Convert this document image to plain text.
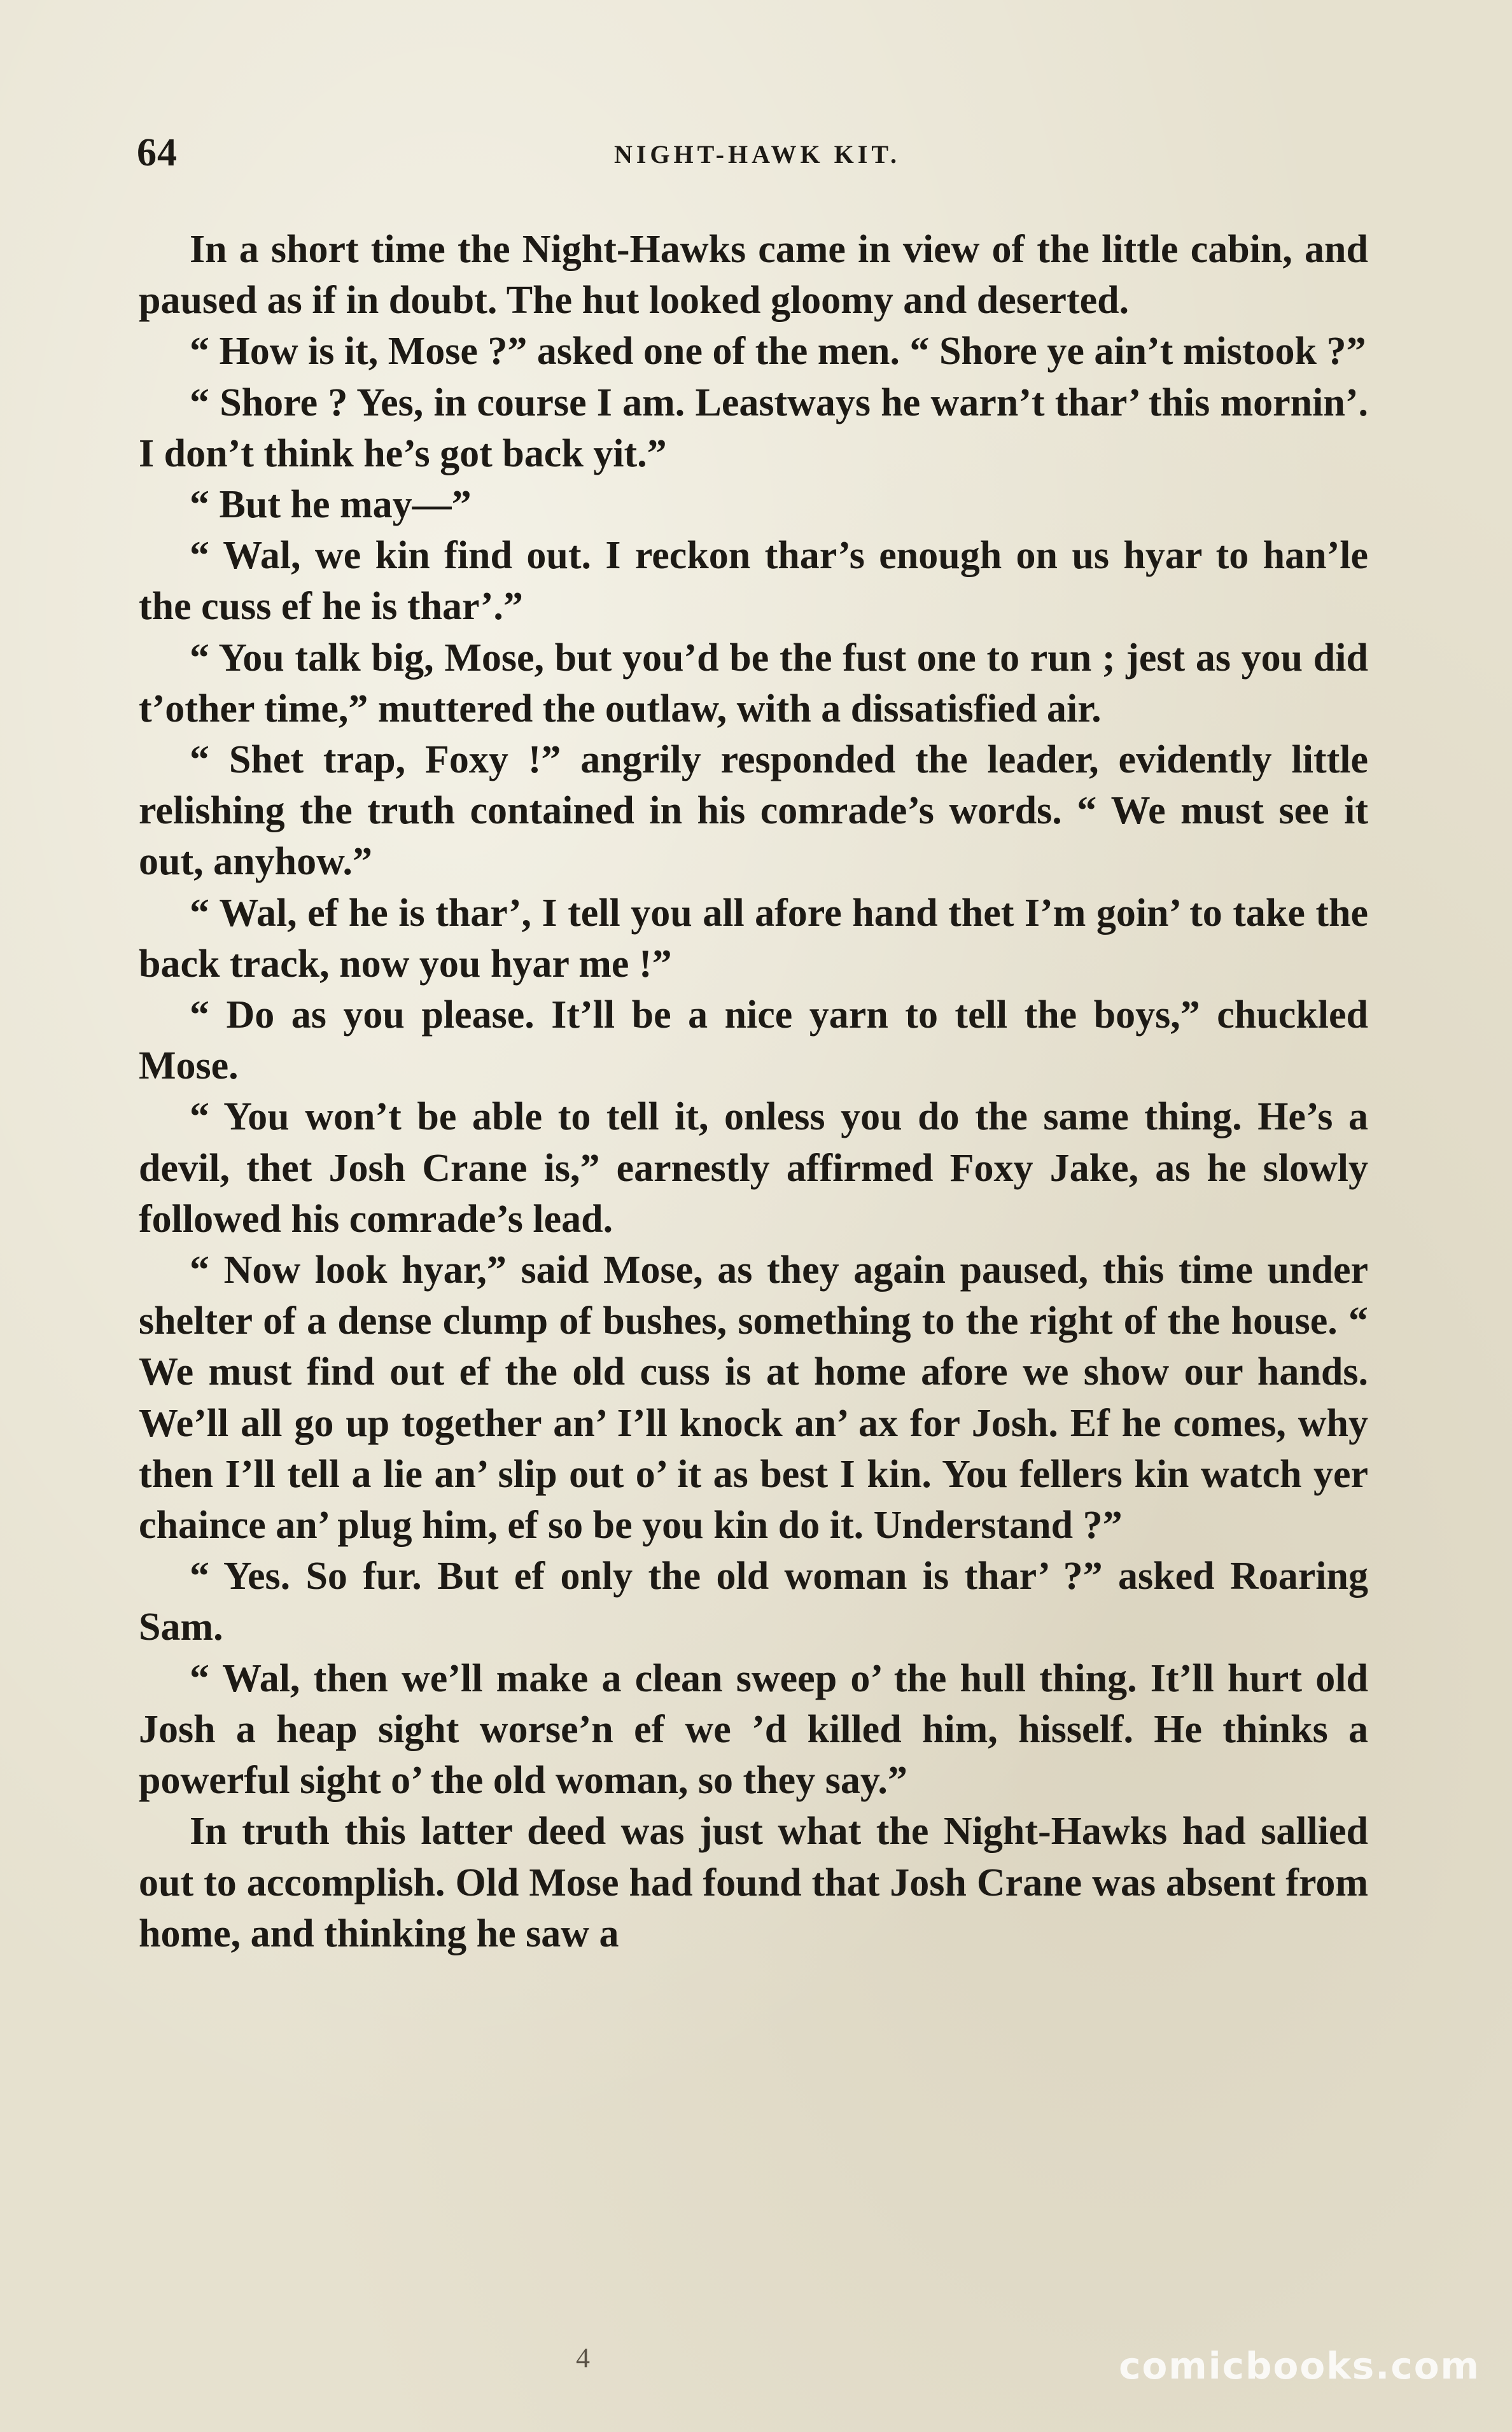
64	NIGHT-HAWK KIT.

In a short time the Night-Hawks came in view of the little cabin, and paused as if in doubt. The hut looked gloomy and deserted.

“ How is it, Mose ?” asked one of the men. “ Shore ye ain’t mistook ?”

“ Shore ? Yes, in course I am. Leastways he warn’t thar’ this mornin’. I don’t think he’s got back yit.”

“ But he may—”

“ Wal, we kin find out. I reckon thar’s enough on us hyar to han’le the cuss ef he is thar’.”

“ You talk big, Mose, but you’d be the fust one to run ; jest as you did t’other time,” muttered the outlaw, with a dissatisfied air.

“ Shet trap, Foxy !” angrily responded the leader, evidently little relishing the truth contained in his comrade’s words. “ We must see it out, anyhow.”

“ Wal, ef he is thar’, I tell you all afore hand thet I’m goin’ to take the back track, now you hyar me !”

“ Do as you please. It’ll be a nice yarn to tell the boys,” chuckled Mose.

“ You won’t be able to tell it, onless you do the same thing. He’s a devil, thet Josh Crane is,” earnestly affirmed Foxy Jake, as he slowly followed his comrade’s lead.

“ Now look hyar,” said Mose, as they again paused, this time under shelter of a dense clump of bushes, something to the right of the house. “ We must find out ef the old cuss is at home afore we show our hands. We’ll all go up together an’ I’ll knock an’ ax for Josh. Ef he comes, why then I’ll tell a lie an’ slip out o’ it as best I kin. You fellers kin watch yer chaince an’ plug him, ef so be you kin do it. Understand ?”

“ Yes. So fur. But ef only the old woman is thar’ ?” asked Roaring Sam.

“ Wal, then we’ll make a clean sweep o’ the hull thing. It’ll hurt old Josh a heap sight worse’n ef we ’d killed him, hisself. He thinks a powerful sight o’ the old woman, so they say.”

In truth this latter deed was just what the Night-Hawks had sallied out to accomplish. Old Mose had found that Josh Crane was absent from home, and thinking he saw a

4	comicbooks.com
